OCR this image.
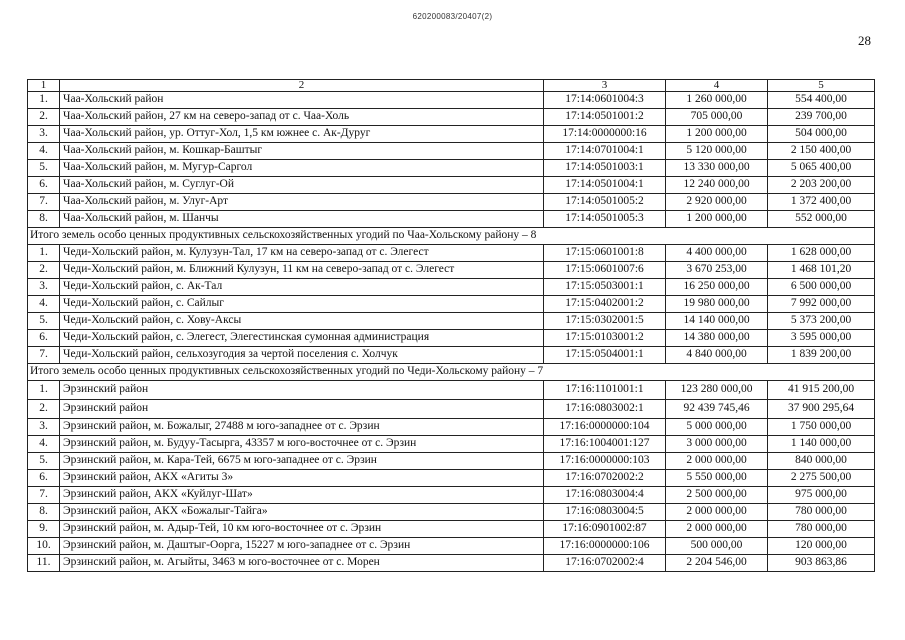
620200083/20407(2)
28
1	2	3	4	5
1.	Чаа-Хольский район	17:14:0601004:3	1 260 000,00	554 400,00
2.	Чаа-Хольский район, 27 км на северо-запад от с. Чаа-Холь	17:14:0501001:2	705 000,00	239 700,00
3.	Чаа-Хольский район, ур. Оттуг-Хол, 1,5 км южнее с. Ак-Дуруг	17:14:0000000:16	1 200 000,00	504 000,00
4.	Чаа-Хольский район, м. Кошкар-Баштыг	17:14:0701004:1	5 120 000,00	2 150 400,00
5.	Чаа-Хольский район, м. Мугур-Саргол	17:14:0501003:1	13 330 000,00	5 065 400,00
6.	Чаа-Хольский район, м. Суглуг-Ой	17:14:0501004:1	12 240 000,00	2 203 200,00
7.	Чаа-Хольский район, м. Улуг-Арт	17:14:0501005:2	2 920 000,00	1 372 400,00
8.	Чаа-Хольский район, м. Шанчы	17:14:0501005:3	1 200 000,00	552 000,00
Итого земель особо ценных продуктивных сельскохозяйственных угодий по Чаа-Хольскому району – 8				
1.	Чеди-Хольский район, м. Кулузун-Тал, 17 км на северо-запад от с. Элегест	17:15:0601001:8	4 400 000,00	1 628 000,00
2.	Чеди-Хольский район, м. Ближний Кулузун, 11 км на северо-запад от с. Элегест	17:15:0601007:6	3 670 253,00	1 468 101,20
3.	Чеди-Хольский район, с. Ак-Тал	17:15:0503001:1	16 250 000,00	6 500 000,00
4.	Чеди-Хольский район, с. Сайлыг	17:15:0402001:2	19 980 000,00	7 992 000,00
5.	Чеди-Хольский район, с. Хову-Аксы	17:15:0302001:5	14 140 000,00	5 373 200,00
6.	Чеди-Хольский район, с. Элегест, Элегестинская сумонная администрация	17:15:0103001:2	14 380 000,00	3 595 000,00
7.	Чеди-Хольский район, сельхозугодия за чертой поселения с. Холчук	17:15:0504001:1	4 840 000,00	1 839 200,00
Итого земель особо ценных продуктивных сельскохозяйственных угодий по Чеди-Хольскому району – 7				
1.	Эрзинский район	17:16:1101001:1	123 280 000,00	41 915 200,00
2.	Эрзинский район	17:16:0803002:1	92 439 745,46	37 900 295,64
3.	Эрзинский район, м. Божалыг, 27488 м юго-западнее от с. Эрзин	17:16:0000000:104	5 000 000,00	1 750 000,00
4.	Эрзинский район, м. Будуу-Тасырга, 43357 м юго-восточнее от с. Эрзин	17:16:1004001:127	3 000 000,00	1 140 000,00
5.	Эрзинский район, м. Кара-Тей, 6675 м юго-западнее от с. Эрзин	17:16:0000000:103	2 000 000,00	840 000,00
6.	Эрзинский район, АКХ «Агиты 3»	17:16:0702002:2	5 550 000,00	2 275 500,00
7.	Эрзинский район, АКХ «Куйлуг-Шат»	17:16:0803004:4	2 500 000,00	975 000,00
8.	Эрзинский район, АКХ «Божалыг-Тайга»	17:16:0803004:5	2 000 000,00	780 000,00
9.	Эрзинский район, м. Адыр-Тей, 10 км юго-восточнее от с. Эрзин	17:16:0901002:87	2 000 000,00	780 000,00
10.	Эрзинский район, м. Даштыг-Оорга, 15227 м юго-западнее от с. Эрзин	17:16:0000000:106	500 000,00	120 000,00
11.	Эрзинский район, м. Агыйты, 3463 м юго-восточнее от с. Морен	17:16:0702002:4	2 204 546,00	903 863,86
